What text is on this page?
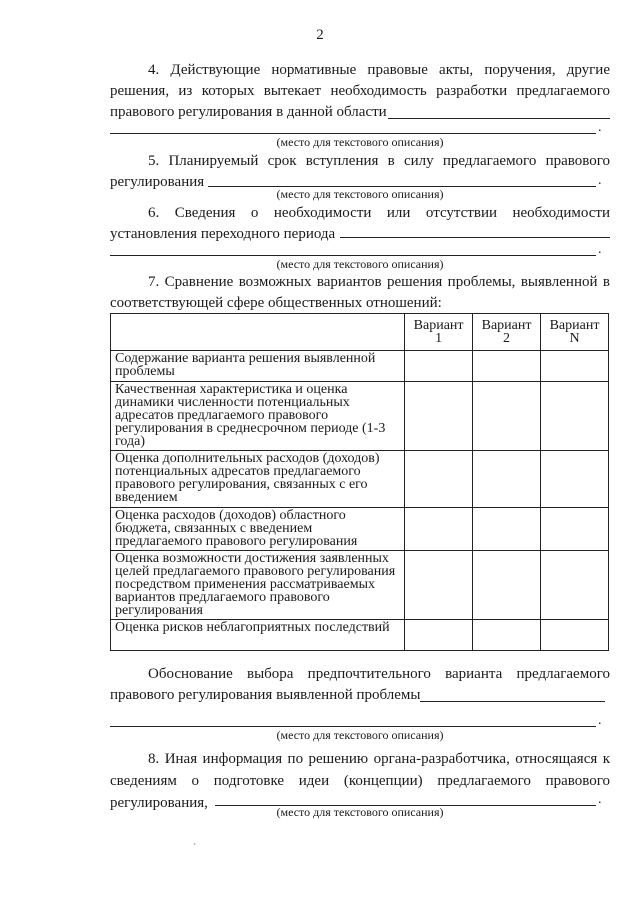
2
4. Действующие нормативные правовые акты, поручения, другие решения, из которых вытекает необходимость разработки предлагаемого правового регулирования в данной области
.
(место для текстового описания)
5. Планируемый срок вступления в силу предлагаемого правового регулирования	.
(место для текстового описания)
6. Сведения о необходимости или отсутствии необходимости установления переходного периода
.
(место для текстового описания)
7. Сравнение возможных вариантов решения проблемы, выявленной в соответствующей сфере общественных отношений:
	Вариант 1	Вариант 2	Вариант N
Содержание варианта решения выявленной проблемы			
Качественная характеристика и оценка динамики численности потенциальных адресатов предлагаемого правового регулирования в среднесрочном периоде (1-3 года)			
Оценка дополнительных расходов (доходов) потенциальных адресатов предлагаемого правового регулирования, связанных с его введением			
Оценка расходов (доходов) областного бюджета, связанных с введением предлагаемого правового регулирования			
Оценка возможности достижения заявленных целей предлагаемого правового регулирования посредством применения рассматриваемых вариантов предлагаемого правового регулирования			
Оценка рисков неблагоприятных последствий			
Обоснование выбора предпочтительного варианта предлагаемого правового регулирования выявленной проблемы
.
(место для текстового описания)
8. Иная информация по решению органа-разработчика, относящаяся к сведениям о подготовке идеи (концепции) предлагаемого правового регулирования,	.
(место для текстового описания)
ˋ
